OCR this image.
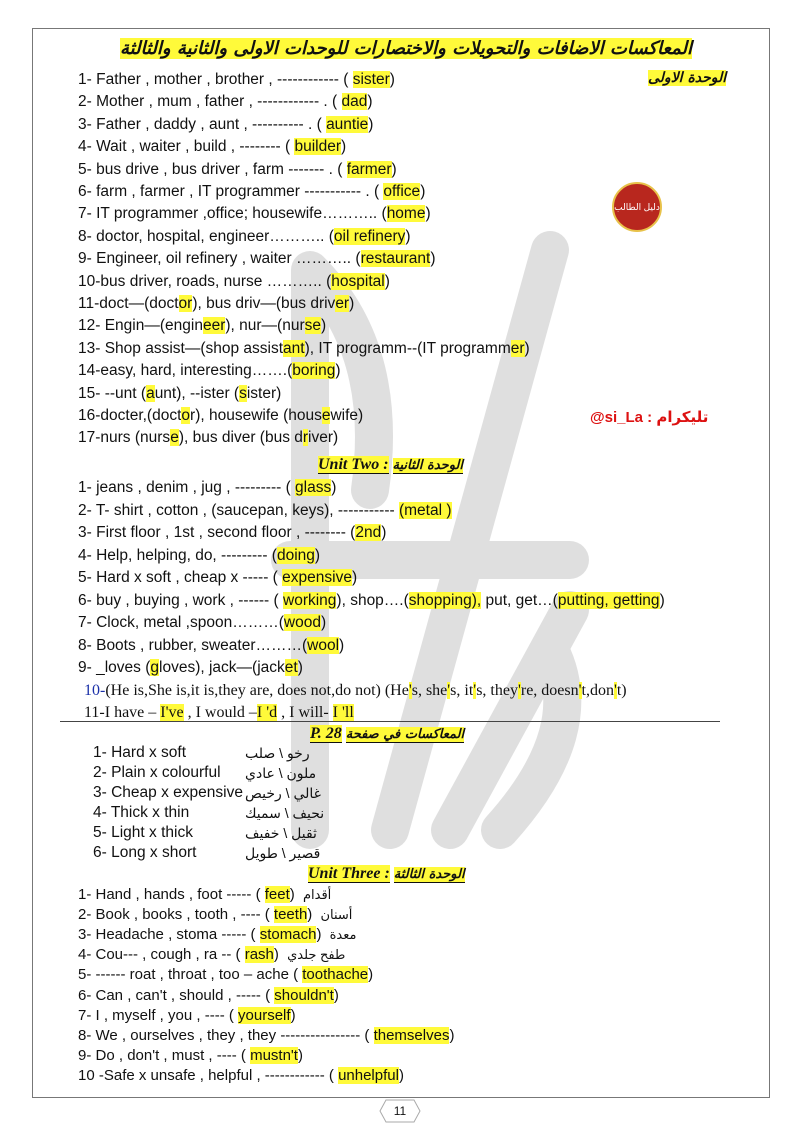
المعاكسات الاضافات والتحويلات والاختصارات للوحدات الاولى والثانية والثالثة
الوحدة الاولى
دليل الطالب
@si_La : تليكرام
1- Father , mother , brother , ------------ ( sister)
2- Mother , mum , father , ------------ . ( dad)
3- Father , daddy , aunt , ---------- . ( auntie)
4- Wait , waiter , build , -------- ( builder)
5- bus drive , bus driver , farm ------- . ( farmer)
6- farm , farmer , IT programmer ----------- . ( office)
7- IT programmer ,office; housewife……….. (home)
8- doctor, hospital, engineer……….. (oil refinery)
9- Engineer, oil refinery , waiter ……….. (restaurant)
10-bus driver, roads, nurse ……….. (hospital)
11-doct—(doctor), bus driv—(bus driver)
12- Engin—(engineer), nur—(nurse)
13- Shop assist—(shop assistant), IT programm--(IT programmer)
14-easy, hard, interesting…….(boring)
15- --unt (aunt), --ister (sister)
16-docter,(doctor), housewife (housewife)
17-nurs (nurse), bus diver (bus driver)
Unit Two : الوحدة الثانية
1- jeans , denim , jug , --------- ( glass)
2- T- shirt , cotton , (saucepan, keys), ----------- (metal )
3- First floor , 1st , second floor , -------- (2nd)
4- Help, helping, do, --------- (doing)
5- Hard x soft , cheap x ----- ( expensive)
6- buy , buying , work , ------ ( working), shop….(shopping), put, get…(putting, getting)
7- Clock, metal ,spoon………(wood)
8- Boots , rubber, sweater………(wool)
9- _loves (gloves), jack—(jacket)
10-(He is,She is,it is,they are, does not,do not) (He's, she's, it's, they're, doesn't,don't)
11-I have – I've , I would –I 'd , I will- I 'll
P. 28 المعاكسات في صفحة
1- Hard x soft	رخو \ صلب
2- Plain x colourful ملون \ عادي
3- Cheap x expensive غالي \ رخيص
4- Thick x thin	نحيف \ سميك
5- Light x thick	ثقيل \ خفيف
6- Long x short	قصير \ طويل
Unit Three : الوحدة الثالثة
1- Hand , hands , foot ----- ( feet) أقدام
2- Book , books , tooth , ---- ( teeth) أسنان
3- Headache , stoma ----- ( stomach) معدة
4- Cou--- , cough , ra -- ( rash) طفح جلدي
5- ------ roat , throat , too – ache ( toothache)
6- Can , can't , should , ----- ( shouldn't)
7- I , myself , you , ---- ( yourself)
8- We , ourselves , they , they ---------------- ( themselves)
9- Do , don't , must , ---- ( mustn't)
10 -Safe x unsafe , helpful , ------------ ( unhelpful)
11
